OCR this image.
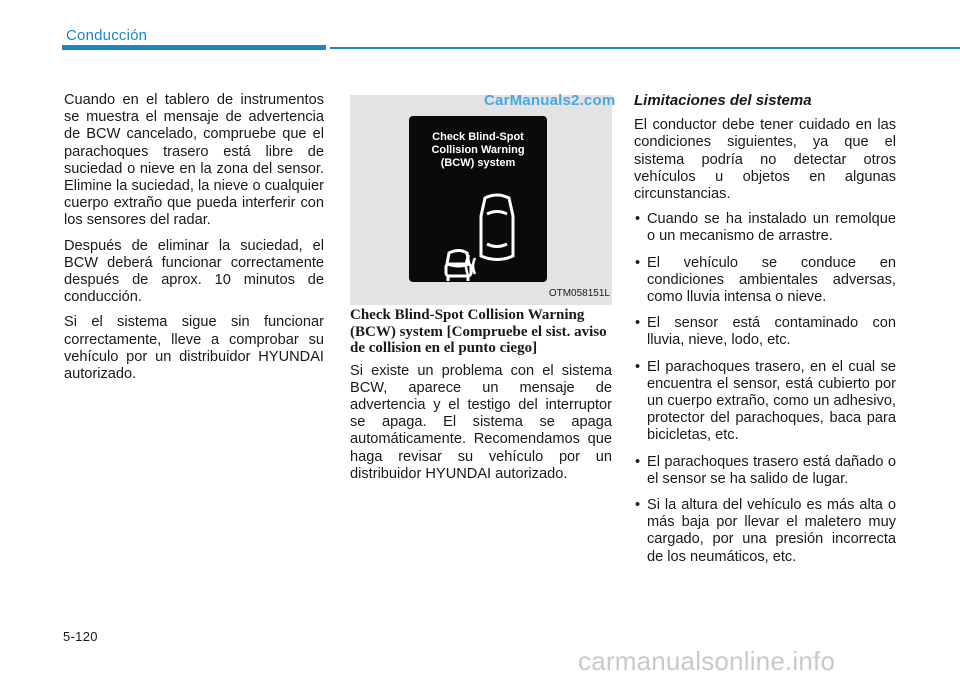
Conducción

Cuando en el tablero de instrumentos se muestra el mensaje de advertencia de BCW cancelado, compruebe que el parachoques trasero está libre de suciedad o nieve en la zona del sensor. Elimine la suciedad, la nieve o cualquier cuerpo extraño que pueda interferir con los sensores del radar.

Después de eliminar la suciedad, el BCW deberá funcionar correctamente después de aprox. 10 minutos de conducción.

Si el sistema sigue sin funcionar correctamente, lleve a comprobar su vehículo por un distribuidor HYUNDAI autorizado.

CarManuals2.com
Check Blind-Spot
Collision Warning
(BCW) system
OTM058151L
Check Blind-Spot Collision Warning (BCW) system [Compruebe el sist. aviso de collision en el punto ciego]

Si existe un problema con el sistema BCW, aparece un mensaje de advertencia y el testigo del interruptor se apaga. El sistema se apaga automáticamente. Recomendamos que haga revisar su vehículo por un distribuidor HYUNDAI autorizado.

Limitaciones del sistema

El conductor debe tener cuidado en las condiciones siguientes, ya que el sistema podría no detectar otros vehículos u objetos en algunas circunstancias.

• Cuando se ha instalado un remolque o un mecanismo de arrastre.
• El vehículo se conduce en condiciones ambientales adversas, como lluvia intensa o nieve.
• El sensor está contaminado con lluvia, nieve, lodo, etc.
• El parachoques trasero, en el cual se encuentra el sensor, está cubierto por un cuerpo extraño, como un adhesivo, protector del parachoques, baca para bicicletas, etc.
• El parachoques trasero está dañado o el sensor se ha salido de lugar.
• Si la altura del vehículo es más alta o más baja por llevar el maletero muy cargado, por una presión incorrecta de los neumáticos, etc.
5-120
carmanualsonline.info
